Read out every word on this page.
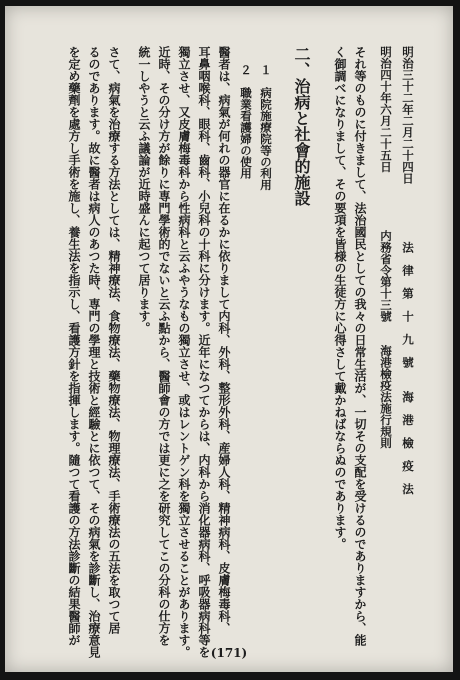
明治三十二年二月二十四日　　　　　法　律　第　十　九　號　　海　港　檢　疫　法
明治四十年六月二十五日　　　　　内務省令第十三號　　海港檢疫法施行規則
それ等のものに付きまして、法治國民としての我々の日常生活が、一切その支配を受けるのでありますから、能
く御調べになりまして、その要項を皆様の生徒方に心得さして戴かねばならぬのであります。
二、治病と社會的施設
１　病院施療院等の利用
２　職業看護婦の使用
醫者は、病氣が何れの器官に在るかに依りまして内科、外科、整形外科、産婦人科、精神病科、皮膚梅毒科、
耳鼻咽喉科、眼科、齒科、小兒科の十科に分けます。近年になつてからは、内科から消化器病科、呼吸器病科等を
獨立させ、又皮膚梅毒科から性病科と云ふやうなもの獨立させ、或はレントゲン科を獨立させることがあります。
近時、その分け方が餘りに専門學術的でないと云ふ點から、醫師會の方では更に之を研究してこの分科の仕方を
統一しやうと云ふ議論が近時盛んに起つて居ります。
さて、病氣を治療する方法としては、精神療法、食物療法、藥物療法、物理療法、手術療法の五法を取つて居
るのであります。故に醫者は病人のあつた時、専門の學理と技術と經驗とに依つて、その病氣を診斷し、治療意見
を定め藥劑を處方し手術を施し、養生法を指示し、看護方針を指揮します。隨つて看護の方法診斷の結果醫師が
(171)
